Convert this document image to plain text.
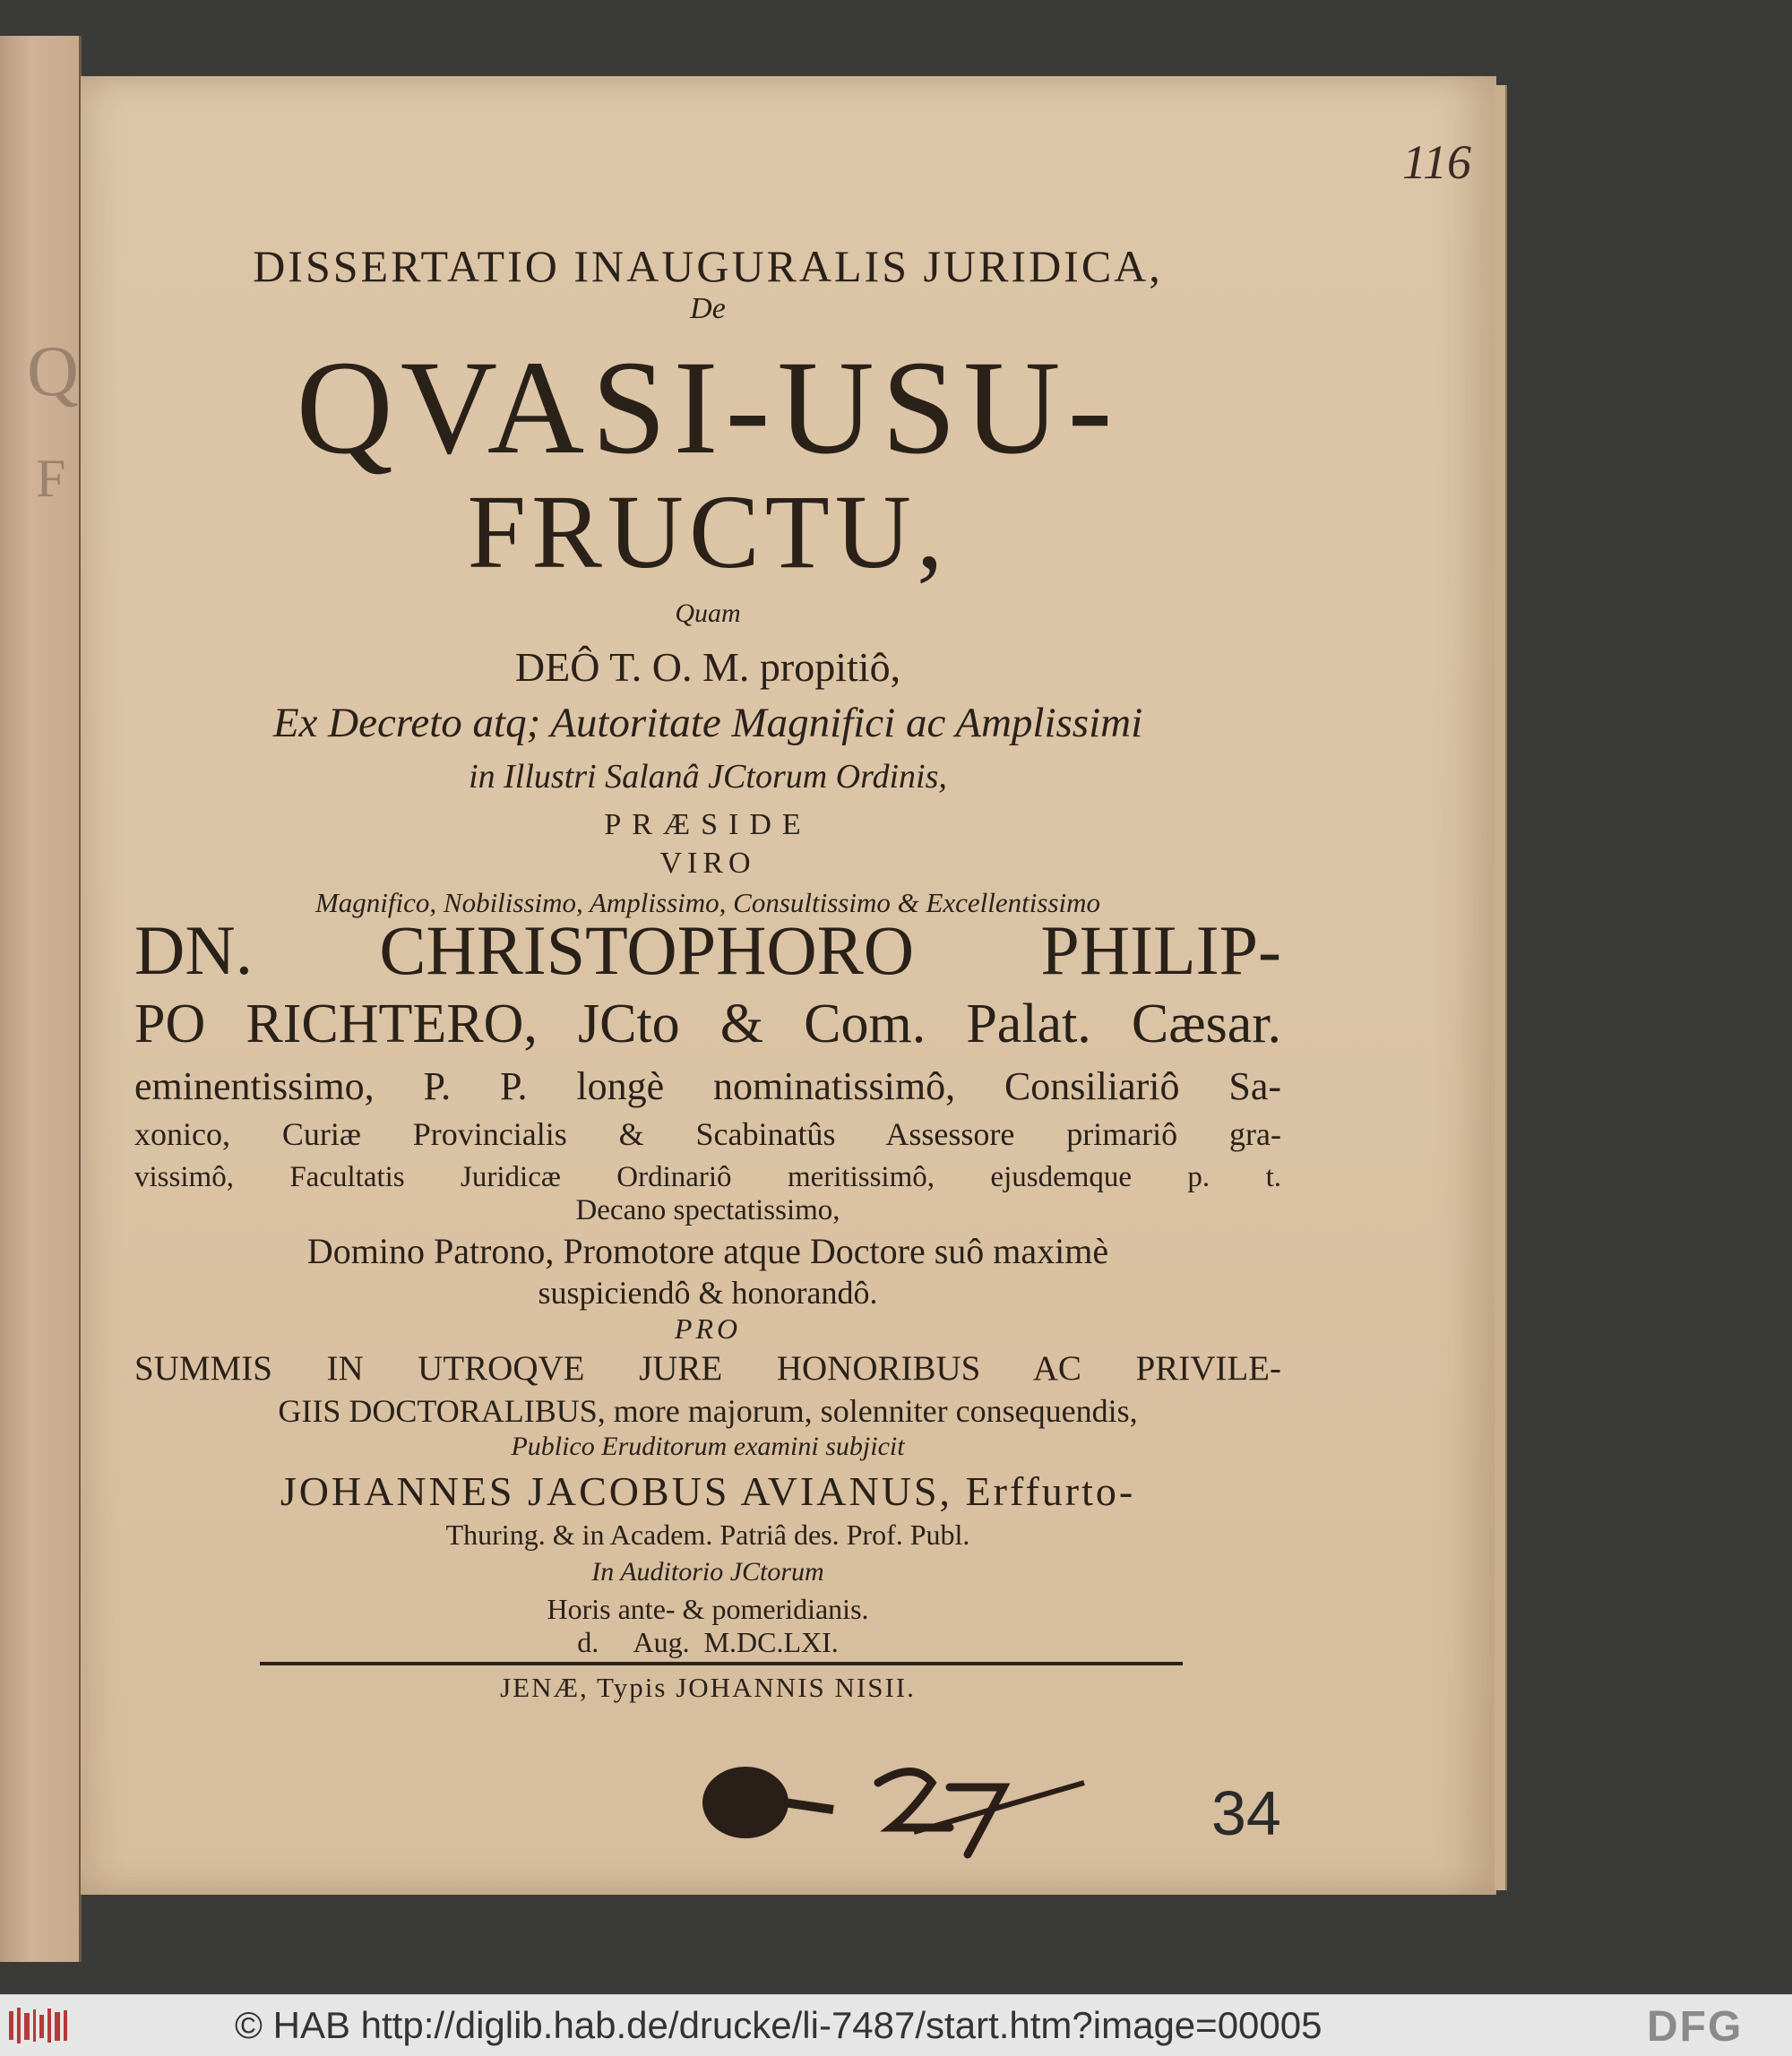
Q
F
116
DISSERTATIO INAUGURALIS JURIDICA,
De
QVASI-USU-
FRUCTU,
Quam
DEÔ T. O. M. propitiô,
Ex Decreto atq; Autoritate Magnifici ac Amplissimi
in Illustri Salanâ JCtorum Ordinis,
PRÆSIDE
VIRO
Magnifico, Nobilissimo, Amplissimo, Consultissimo & Excellentissimo
DN. CHRISTOPHORO PHILIP-
PO RICHTERO, JCto & Com. Palat. Cæsar.
eminentissimo, P. P. longè nominatissimô, Consiliariô Sa-
xonico, Curiæ Provincialis & Scabinatûs Assessore primariô gra-
vissimô, Facultatis Juridicæ Ordinariô meritissimô, ejusdemque p. t.
Decano spectatissimo,
Domino Patrono, Promotore atque Doctore suô maximè
suspiciendô & honorandô.
PRO
SUMMIS IN UTROQVE JURE HONORIBUS AC PRIVILE-
GIIS DOCTORALIBUS, more majorum, solenniter consequendis,
Publico Eruditorum examini subjicit
JOHANNES JACOBUS AVIANUS, Erffurto-
Thuring. & in Academ. Patriâ des. Prof. Publ.
In Auditorio JCtorum
Horis ante- & pomeridianis.
d.     Aug.  M.DC.LXI.
JENÆ, Typis JOHANNIS NISII.
34
© HAB http://diglib.hab.de/drucke/li-7487/start.htm?image=00005	DFG
